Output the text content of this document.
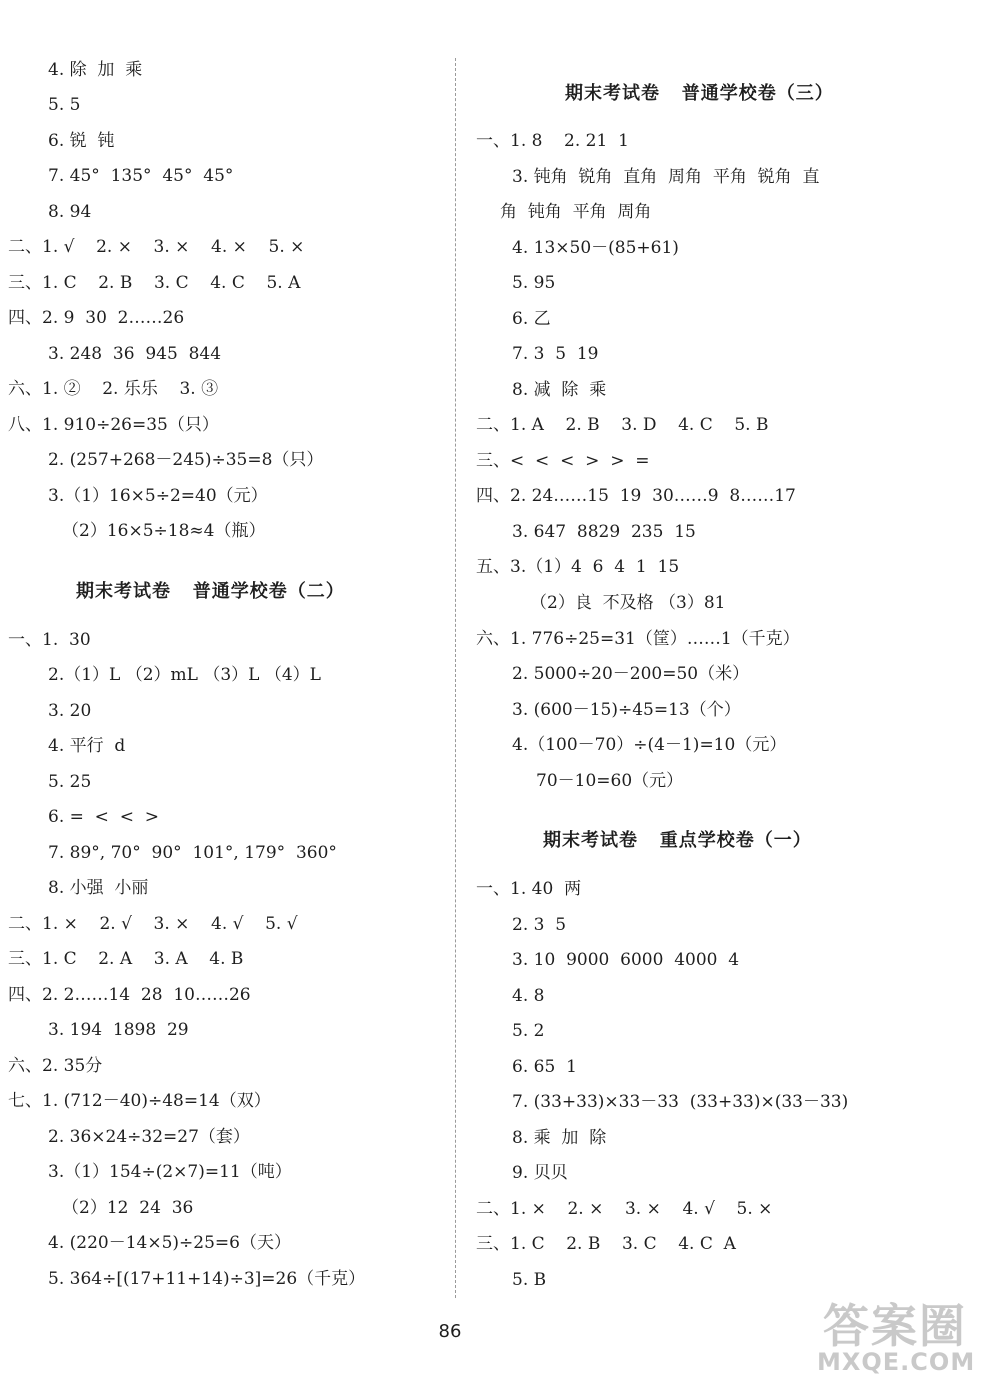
4. 除  加  乘
5. 5
6. 锐  钝
7. 45°  135°  45°  45°
8. 94
二、1. √    2. ×    3. ×    4. ×    5. ×
三、1. C    2. B    3. C    4. C    5. A
四、2. 9  30  2……26
3. 248  36  945  844
六、1. ②    2. 乐乐    3. ③
八、1. 910÷26=35（只）
2. (257+268－245)÷35=8（只）
3.（1）16×5÷2=40（元）
（2）16×5÷18≈4（瓶）
期末考试卷   普通学校卷（二）
一、1.  30
2.（1）L （2）mL （3）L （4）L
3. 20
4. 平行  d
5. 25
6. =  <  <  >
7. 89°, 70°  90°  101°, 179°  360°
8. 小强  小丽
二、1. ×    2. √    3. ×    4. √    5. √
三、1. C    2. A    3. A    4. B
四、2. 2……14  28  10……26
3. 194  1898  29
六、2. 35分
七、1. (712－40)÷48=14（双）
2. 36×24÷32=27（套）
3.（1）154÷(2×7)=11（吨）
（2）12  24  36
4. (220－14×5)÷25=6（天）
5. 364÷[(17+11+14)÷3]=26（千克）
期末考试卷   普通学校卷（三）
一、1. 8    2. 21  1
3. 钝角  锐角  直角  周角  平角  锐角  直
角  钝角  平角  周角
4. 13×50－(85+61)
5. 95
6. 乙
7. 3  5  19
8. 减  除  乘
二、1. A    2. B    3. D    4. C    5. B
三、<  <  <  >  >  =
四、2. 24……15  19  30……9  8……17
3. 647  8829  235  15
五、3.（1）4  6  4  1  15
（2）良  不及格 （3）81
六、1. 776÷25=31（筐）……1（千克）
2. 5000÷20－200=50（米）
3. (600－15)÷45=13（个）
4.（100－70）÷(4－1)=10（元）
70－10=60（元）
期末考试卷   重点学校卷（一）
一、1. 40  两
2. 3  5
3. 10  9000  6000  4000  4
4. 8
5. 2
6. 65  1
7. (33+33)×33－33  (33+33)×(33－33)
8. 乘  加  除
9. 贝贝
二、1. ×    2. ×    3. ×    4. √    5. ×
三、1. C    2. B    3. C    4. C  A
5. B
86	答案圈
MXQE.COM
